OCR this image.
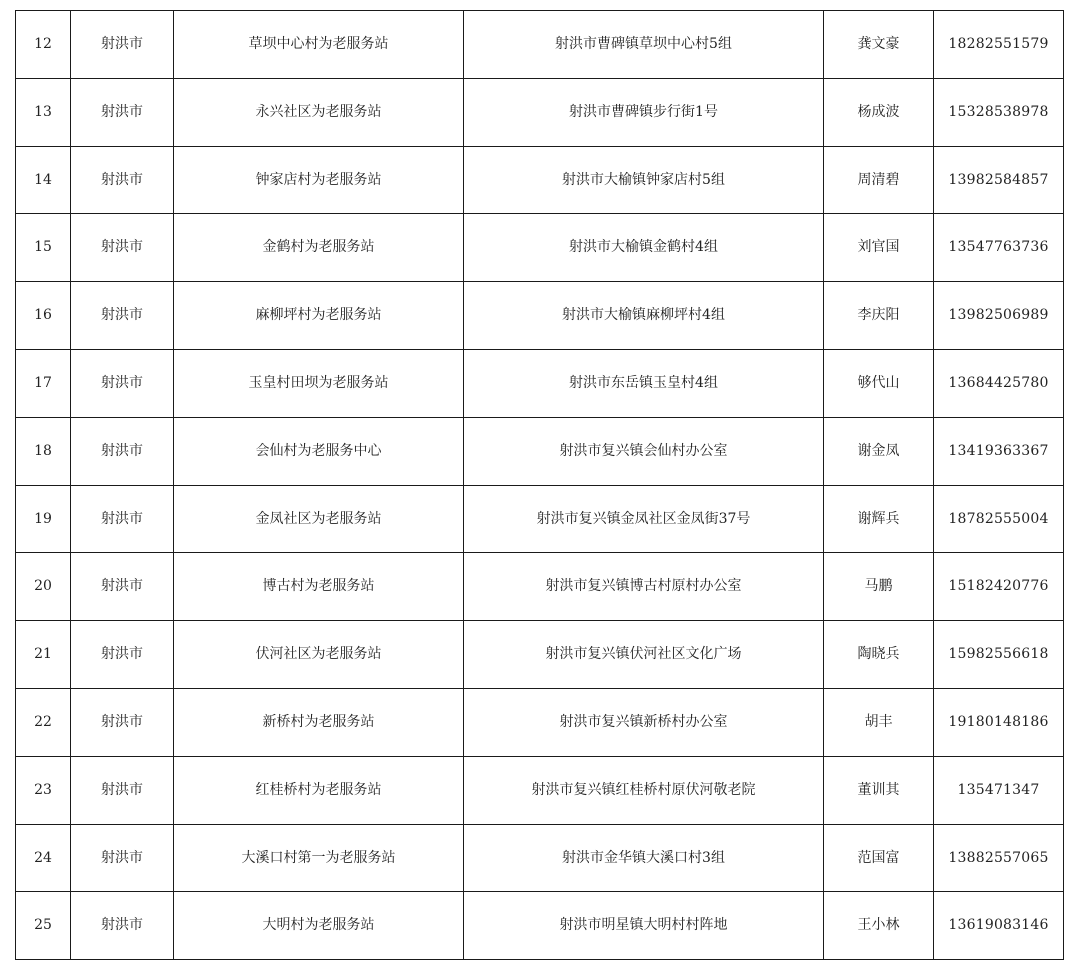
12	射洪市	草坝中心村为老服务站	射洪市曹碑镇草坝中心村5组	龚文豪	18282551579
13	射洪市	永兴社区为老服务站	射洪市曹碑镇步行街1号	杨成波	15328538978
14	射洪市	钟家店村为老服务站	射洪市大榆镇钟家店村5组	周清碧	13982584857
15	射洪市	金鹤村为老服务站	射洪市大榆镇金鹤村4组	刘官国	13547763736
16	射洪市	麻柳坪村为老服务站	射洪市大榆镇麻柳坪村4组	李庆阳	13982506989
17	射洪市	玉皇村田坝为老服务站	射洪市东岳镇玉皇村4组	够代山	13684425780
18	射洪市	会仙村为老服务中心	射洪市复兴镇会仙村办公室	谢金凤	13419363367
19	射洪市	金凤社区为老服务站	射洪市复兴镇金凤社区金凤街37号	谢辉兵	18782555004
20	射洪市	博古村为老服务站	射洪市复兴镇博古村原村办公室	马鹏	15182420776
21	射洪市	伏河社区为老服务站	射洪市复兴镇伏河社区文化广场	陶晓兵	15982556618
22	射洪市	新桥村为老服务站	射洪市复兴镇新桥村办公室	胡丰	19180148186
23	射洪市	红桂桥村为老服务站	射洪市复兴镇红桂桥村原伏河敬老院	董训其	135471347
24	射洪市	大溪口村第一为老服务站	射洪市金华镇大溪口村3组	范国富	13882557065
25	射洪市	大明村为老服务站	射洪市明星镇大明村村阵地	王小林	13619083146
